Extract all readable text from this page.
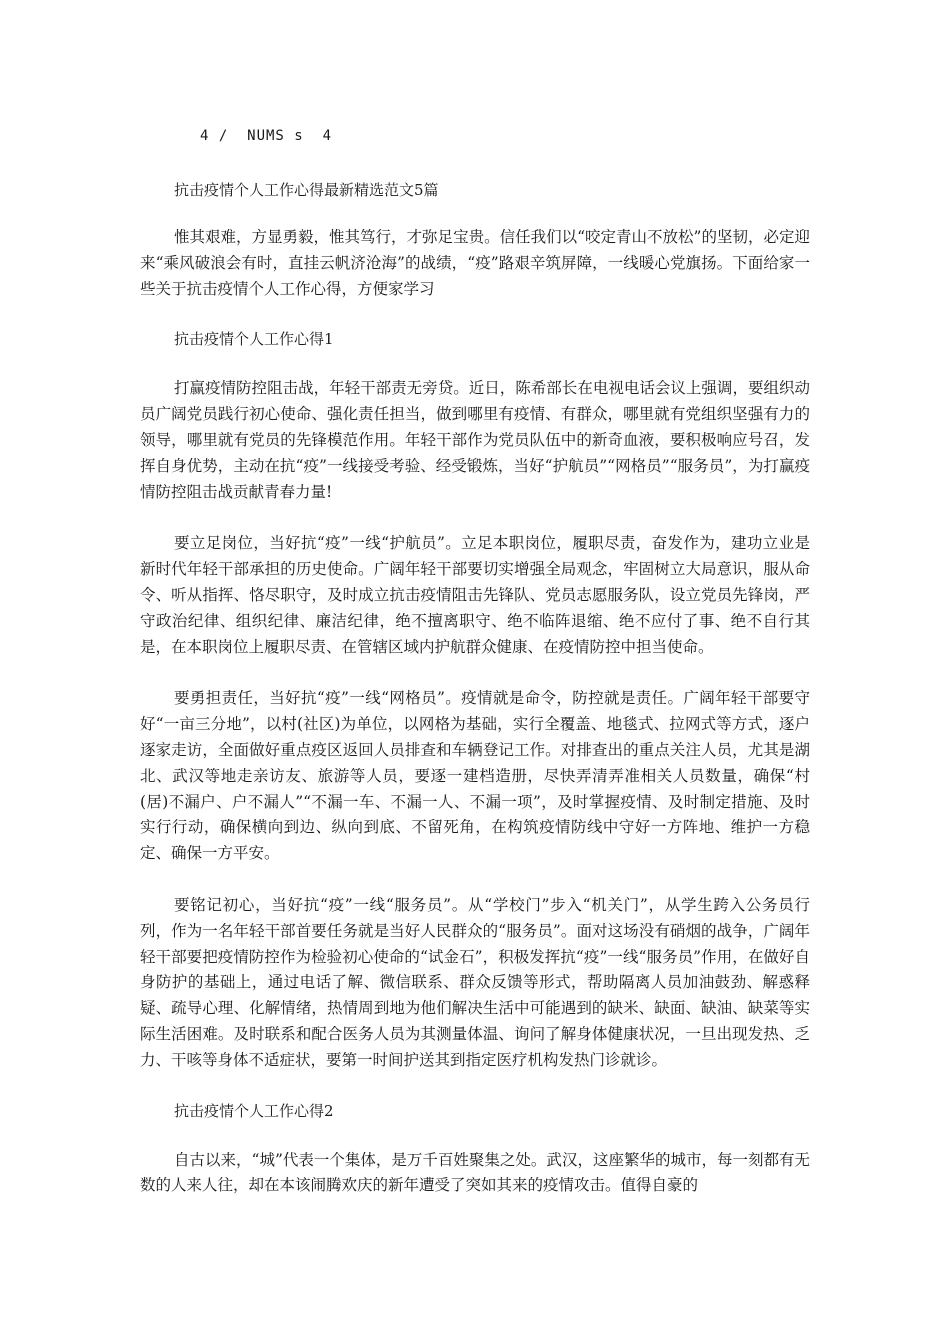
4 /  NUMS s  4
抗击疫情个人工作心得最新精选范文5篇

惟其艰难，方显勇毅，惟其笃行，才弥足宝贵。信任我们以“咬定青山不放松”的坚韧，必定迎来“乘风破浪会有时，直挂云帆济沧海”的战绩，“疫”路艰辛筑屏障，一线暖心党旗扬。下面给家一些关于抗击疫情个人工作心得，方便家学习

抗击疫情个人工作心得1

打赢疫情防控阻击战，年轻干部责无旁贷。近日，陈希部长在电视电话会议上强调，要组织动员广阔党员践行初心使命、强化责任担当，做到哪里有疫情、有群众，哪里就有党组织坚强有力的领导，哪里就有党员的先锋模范作用。年轻干部作为党员队伍中的新奇血液，要积极响应号召，发挥自身优势，主动在抗“疫”一线接受考验、经受锻炼，当好“护航员”“网格员”“服务员”，为打赢疫情防控阻击战贡献青春力量!

要立足岗位，当好抗“疫”一线“护航员”。立足本职岗位，履职尽责，奋发作为，建功立业是新时代年轻干部承担的历史使命。广阔年轻干部要切实增强全局观念，牢固树立大局意识，服从命令、听从指挥、恪尽职守，及时成立抗击疫情阻击先锋队、党员志愿服务队，设立党员先锋岗，严守政治纪律、组织纪律、廉洁纪律，绝不擅离职守、绝不临阵退缩、绝不应付了事、绝不自行其是，在本职岗位上履职尽责、在管辖区域内护航群众健康、在疫情防控中担当使命。

要勇担责任，当好抗“疫”一线“网格员”。疫情就是命令，防控就是责任。广阔年轻干部要守好“一亩三分地”，以村(社区)为单位，以网格为基础，实行全覆盖、地毯式、拉网式等方式，逐户逐家走访，全面做好重点疫区返回人员排查和车辆登记工作。对排查出的重点关注人员，尤其是湖北、武汉等地走亲访友、旅游等人员，要逐一建档造册，尽快弄清弄准相关人员数量，确保“村(居)不漏户、户不漏人”“不漏一车、不漏一人、不漏一项”，及时掌握疫情、及时制定措施、及时实行行动，确保横向到边、纵向到底、不留死角，在构筑疫情防线中守好一方阵地、维护一方稳定、确保一方平安。

要铭记初心，当好抗“疫”一线“服务员”。从“学校门”步入“机关门”，从学生跨入公务员行列，作为一名年轻干部首要任务就是当好人民群众的“服务员”。面对这场没有硝烟的战争，广阔年轻干部要把疫情防控作为检验初心使命的“试金石”，积极发挥抗“疫”一线“服务员”作用，在做好自身防护的基础上，通过电话了解、微信联系、群众反馈等形式，帮助隔离人员加油鼓劲、解惑释疑、疏导心理、化解情绪，热情周到地为他们解决生活中可能遇到的缺米、缺面、缺油、缺菜等实际生活困难。及时联系和配合医务人员为其测量体温、询问了解身体健康状况，一旦出现发热、乏力、干咳等身体不适症状，要第一时间护送其到指定医疗机构发热门诊就诊。

抗击疫情个人工作心得2

自古以来，“城”代表一个集体，是万千百姓聚集之处。武汉，这座繁华的城市，每一刻都有无数的人来人往，却在本该闹腾欢庆的新年遭受了突如其来的疫情攻击。值得自豪的
